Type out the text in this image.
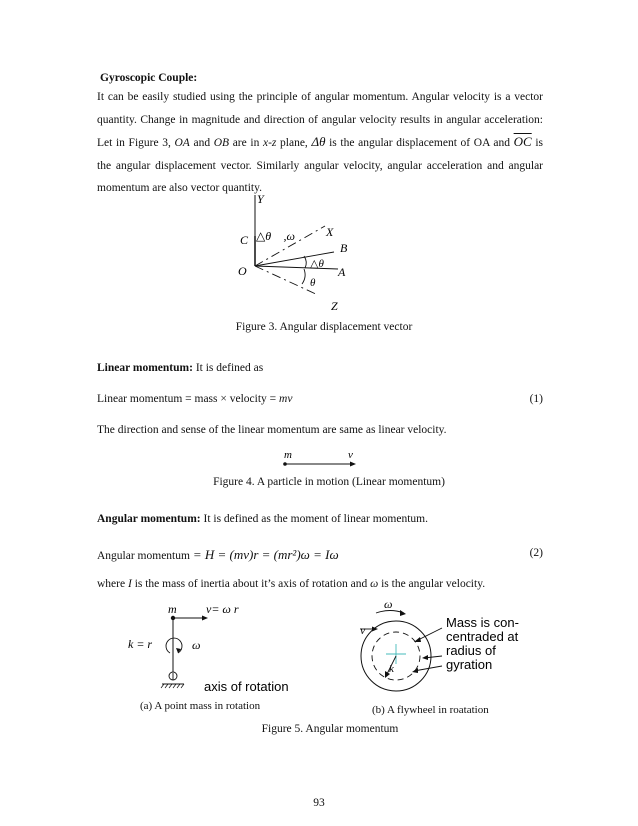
Gyroscopic Couple:
It can be easily studied using the principle of angular momentum. Angular velocity is a vector quantity. Change in magnitude and direction of angular velocity results in angular acceleration: Let in Figure 3, OA and OB are in x-z plane, Δθ is the angular displacement of OA and $\overline{OC}$ is the angular displacement vector. Similarly angular velocity, angular acceleration and angular momentum are also vector quantity.
Y
X
B
A
Z
O
C △θ⃗ ,ω⃗
△θ
θ
Figure 3. Angular displacement vector
Linear momentum: It is defined as
Linear momentum = mass × velocity = mv	(1)
The direction and sense of the linear momentum are same as linear velocity.
m	v
Figure 4. A particle in motion (Linear momentum)
Angular momentum: It is defined as the moment of linear momentum.
Angular momentum = H = (mv)r = (mr²)ω = Iω	(2)
where I is the mass of inertia about it’s axis of rotation and ω is the angular velocity.
m v= ω r
k = r	ω
axis of rotation
(a) A point mass in rotation
ω
v
k
Mass is con-
centraded at
radius of
gyration
(b) A flywheel in roatation
Figure 5. Angular momentum
93
